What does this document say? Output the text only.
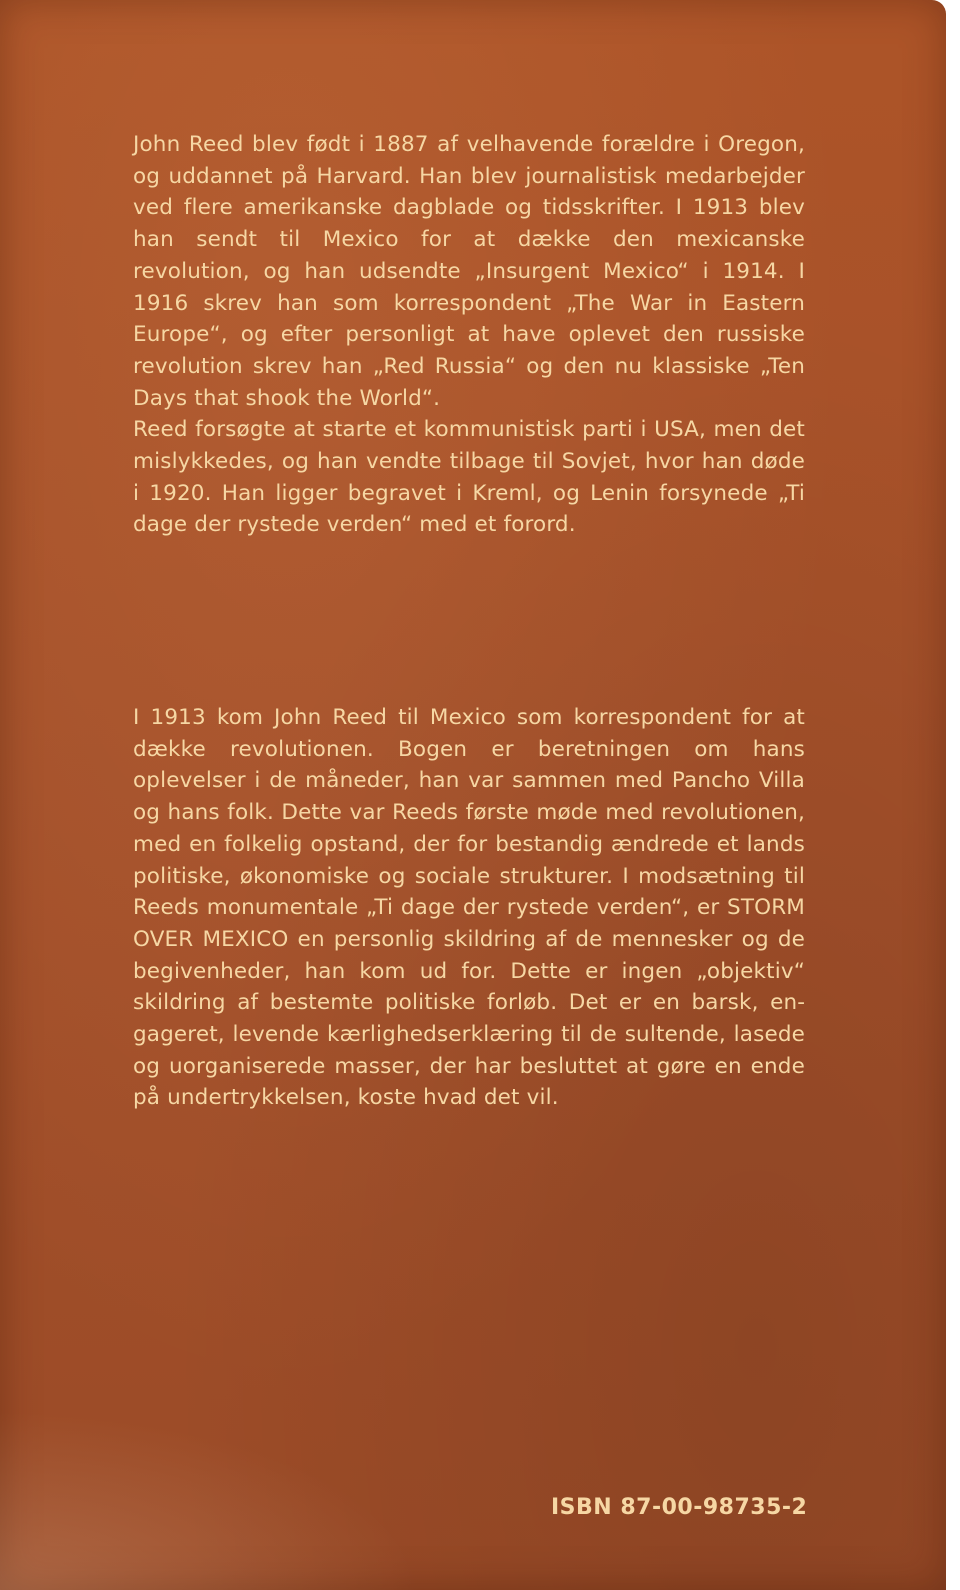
John Reed blev født i 1887 af velhavende forældre i Oregon, og uddannet på Harvard. Han blev journalistisk medarbejder ved flere amerikanske dagblade og tidsskrifter. I 1913 blev han sendt til Mexico for at dække den mexicanske revolution, og han udsendte „Insurgent Mexico“ i 1914. I 1916 skrev han som korrespondent „The War in Eastern Europe“, og efter personligt at have oplevet den russiske revolution skrev han „Red Russia“ og den nu klassiske „Ten Days that shook the World“.

Reed forsøgte at starte et kommunistisk parti i USA, men det mislykkedes, og han vendte tilbage til Sovjet, hvor han døde i 1920. Han ligger begravet i Kreml, og Lenin forsynede „Ti dage der rystede verden“ med et forord.

I 1913 kom John Reed til Mexico som korrespondent for at dække revolutionen. Bogen er beretningen om hans oplevelser i de måneder, han var sammen med Pancho Villa og hans folk. Dette var Reeds første møde med revolutionen, med en folkelig opstand, der for bestandig ændrede et lands politiske, økonomiske og sociale strukturer. I modsætning til Reeds monumentale „Ti dage der rystede verden“, er STORM OVER MEXICO en personlig skildring af de mennesker og de begivenheder, han kom ud for. Dette er ingen „objektiv“ skildring af bestemte politiske forløb. Det er en barsk, engageret, levende kærlighedserklæring til de sultende, lasede og uorganiserede masser, der har besluttet at gøre en ende på undertrykkelsen, koste hvad det vil.

ISBN 87-00-98735-2
